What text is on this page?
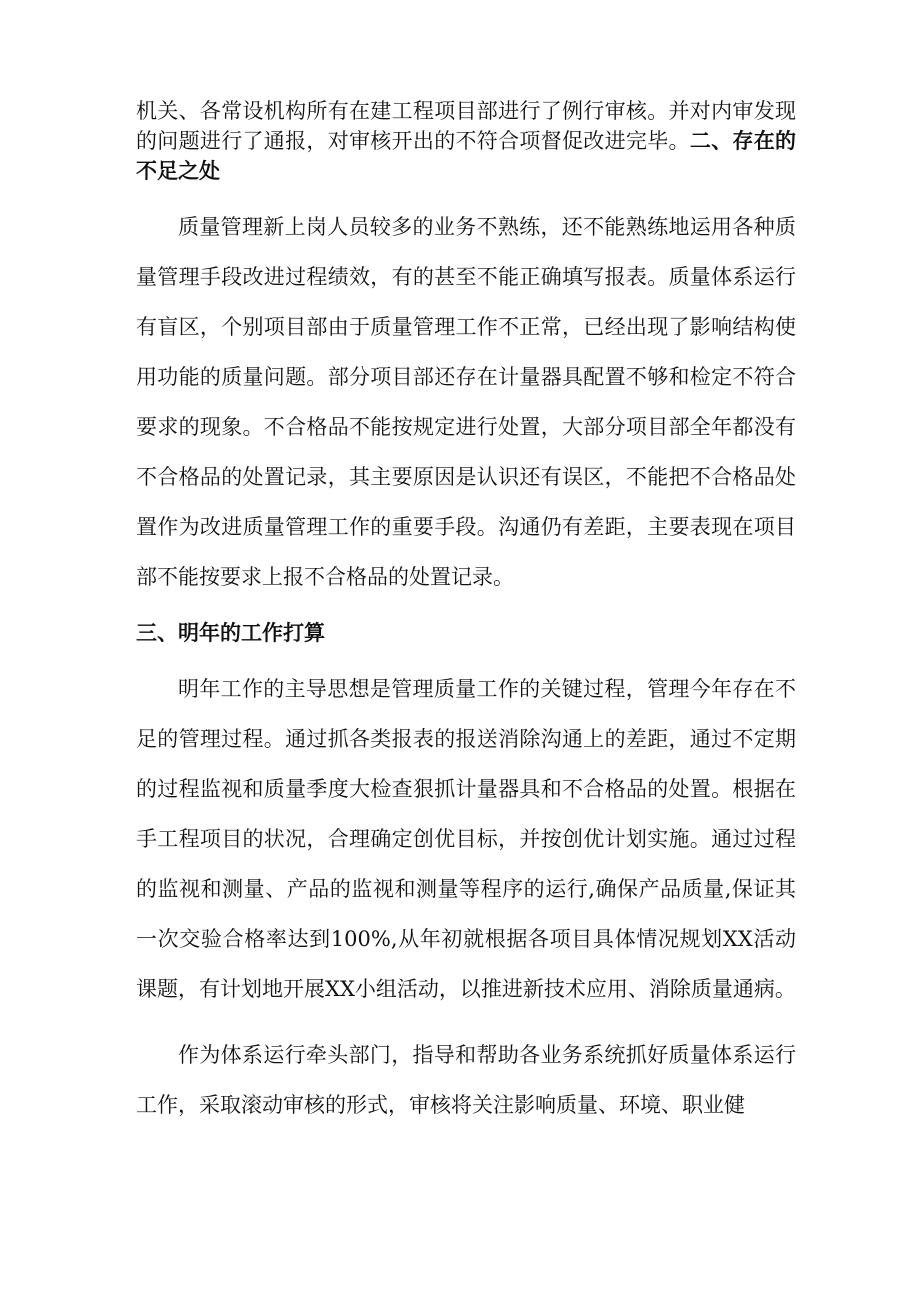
机关、各常设机构所有在建工程项目部进行了例行审核。并对内审发现的问题进行了通报，对审核开出的不符合项督促改进完毕。二、存在的不足之处

质量管理新上岗人员较多的业务不熟练，还不能熟练地运用各种质量管理手段改进过程绩效，有的甚至不能正确填写报表。质量体系运行有盲区，个别项目部由于质量管理工作不正常，已经出现了影响结构使用功能的质量问题。部分项目部还存在计量器具配置不够和检定不符合要求的现象。不合格品不能按规定进行处置，大部分项目部全年都没有不合格品的处置记录，其主要原因是认识还有误区，不能把不合格品处置作为改进质量管理工作的重要手段。沟通仍有差距，主要表现在项目部不能按要求上报不合格品的处置记录。

三、明年的工作打算

明年工作的主导思想是管理质量工作的关键过程，管理今年存在不足的管理过程。通过抓各类报表的报送消除沟通上的差距，通过不定期的过程监视和质量季度大检查狠抓计量器具和不合格品的处置。根据在手工程项目的状况，合理确定创优目标，并按创优计划实施。通过过程的监视和测量、产品的监视和测量等程序的运行,确保产品质量,保证其一次交验合格率达到100%,从年初就根据各项目具体情况规划XX活动课题，有计划地开展XX小组活动，以推进新技术应用、消除质量通病。

作为体系运行牵头部门，指导和帮助各业务系统抓好质量体系运行工作，采取滚动审核的形式，审核将关注影响质量、环境、职业健
